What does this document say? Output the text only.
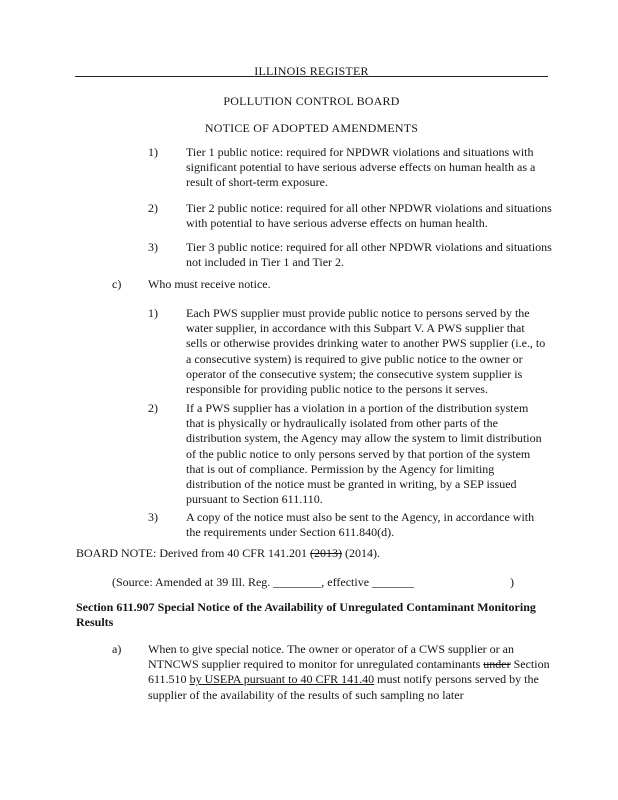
ILLINOIS REGISTER
POLLUTION CONTROL BOARD
NOTICE OF ADOPTED AMENDMENTS
1) Tier 1 public notice: required for NPDWR violations and situations with significant potential to have serious adverse effects on human health as a result of short-term exposure.
2) Tier 2 public notice: required for all other NPDWR violations and situations with potential to have serious adverse effects on human health.
3) Tier 3 public notice: required for all other NPDWR violations and situations not included in Tier 1 and Tier 2.
c) Who must receive notice.
1) Each PWS supplier must provide public notice to persons served by the water supplier, in accordance with this Subpart V. A PWS supplier that sells or otherwise provides drinking water to another PWS supplier (i.e., to a consecutive system) is required to give public notice to the owner or operator of the consecutive system; the consecutive system supplier is responsible for providing public notice to the persons it serves.
2) If a PWS supplier has a violation in a portion of the distribution system that is physically or hydraulically isolated from other parts of the distribution system, the Agency may allow the system to limit distribution of the public notice to only persons served by that portion of the system that is out of compliance. Permission by the Agency for limiting distribution of the notice must be granted in writing, by a SEP issued pursuant to Section 611.110.
3) A copy of the notice must also be sent to the Agency, in accordance with the requirements under Section 611.840(d).
BOARD NOTE: Derived from 40 CFR 141.201 (2013) (2014).
(Source: Amended at 39 Ill. Reg. ________, effective _______	)
Section 611.907 Special Notice of the Availability of Unregulated Contaminant Monitoring Results
a) When to give special notice. The owner or operator of a CWS supplier or an NTNCWS supplier required to monitor for unregulated contaminants under Section 611.510 by USEPA pursuant to 40 CFR 141.40 must notify persons served by the supplier of the availability of the results of such sampling no later
